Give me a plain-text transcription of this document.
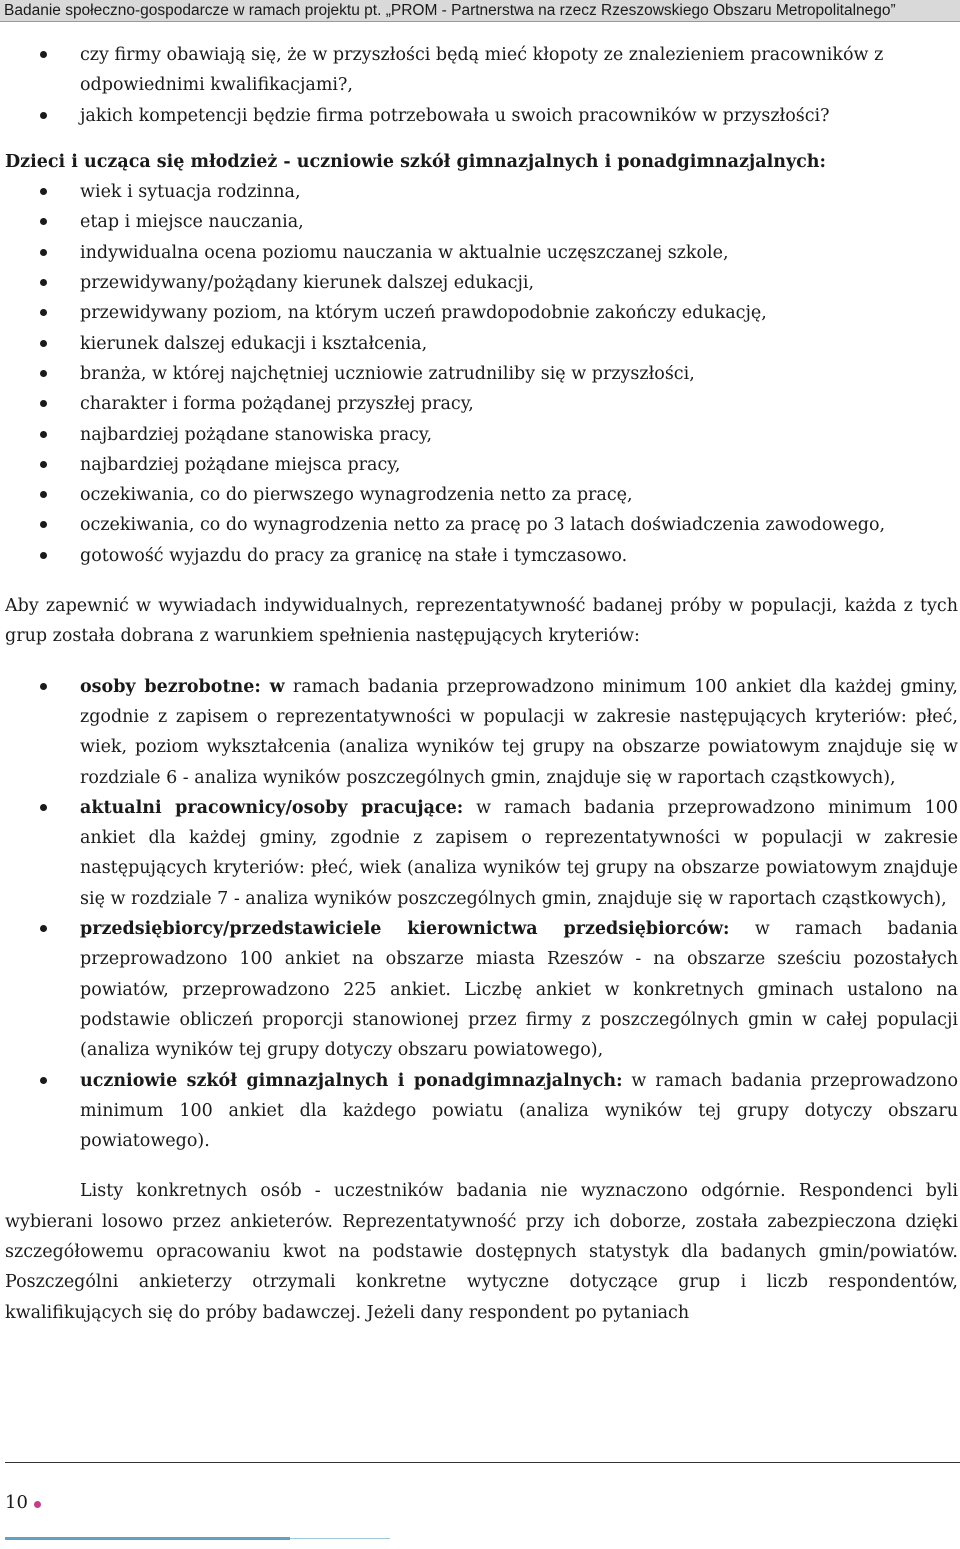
Badanie społeczno-gospodarcze w ramach projektu pt. „PROM - Partnerstwa na rzecz Rzeszowskiego Obszaru Metropolitalnego”
czy firmy obawiają się, że w przyszłości będą mieć kłopoty ze znalezieniem pracowników z odpowiednimi kwalifikacjami?,
jakich kompetencji będzie firma potrzebowała u swoich pracowników w przyszłości?

Dzieci i ucząca się młodzież - uczniowie szkół gimnazjalnych i ponadgimnazjalnych:

wiek i sytuacja rodzinna,
etap i miejsce nauczania,
indywidualna ocena poziomu nauczania w aktualnie uczęszczanej szkole,
przewidywany/pożądany kierunek dalszej edukacji,
przewidywany poziom, na którym uczeń prawdopodobnie zakończy edukację,
kierunek dalszej edukacji i kształcenia,
branża, w której najchętniej uczniowie zatrudniliby się w przyszłości,
charakter i forma pożądanej przyszłej pracy,
najbardziej pożądane stanowiska pracy,
najbardziej pożądane miejsca pracy,
oczekiwania, co do pierwszego wynagrodzenia netto za pracę,
oczekiwania, co do wynagrodzenia netto za pracę po 3 latach doświadczenia zawodowego,
gotowość wyjazdu do pracy za granicę na stałe i tymczasowo.

Aby zapewnić w wywiadach indywidualnych, reprezentatywność badanej próby w populacji, każda z tych grup została dobrana z warunkiem spełnienia następujących kryteriów:

osoby bezrobotne: w ramach badania przeprowadzono minimum 100 ankiet dla każdej gminy, zgodnie z zapisem o reprezentatywności w populacji w zakresie następujących kryteriów: płeć, wiek, poziom wykształcenia (analiza wyników tej grupy na obszarze powiatowym znajduje się w rozdziale 6 - analiza wyników poszczególnych gmin, znajduje się w raportach cząstkowych),
aktualni pracownicy/osoby pracujące: w ramach badania przeprowadzono minimum 100 ankiet dla każdej gminy, zgodnie z zapisem o reprezentatywności w populacji w zakresie następujących kryteriów: płeć, wiek (analiza wyników tej grupy na obszarze powiatowym znajduje się w rozdziale 7 - analiza wyników poszczególnych gmin, znajduje się w raportach cząstkowych),
przedsiębiorcy/przedstawiciele kierownictwa przedsiębiorców: w ramach badania przeprowadzono 100 ankiet na obszarze miasta Rzeszów - na obszarze sześciu pozostałych powiatów, przeprowadzono 225 ankiet. Liczbę ankiet w konkretnych gminach ustalono na podstawie obliczeń proporcji stanowionej przez firmy z poszczególnych gmin w całej populacji (analiza wyników tej grupy dotyczy obszaru powiatowego),
uczniowie szkół gimnazjalnych i ponadgimnazjalnych: w ramach badania przeprowadzono minimum 100 ankiet dla każdego powiatu (analiza wyników tej grupy dotyczy obszaru powiatowego).

Listy konkretnych osób - uczestników badania nie wyznaczono odgórnie. Respondenci byli wybierani losowo przez ankieterów. Reprezentatywność przy ich doborze, została zabezpieczona dzięki szczegółowemu opracowaniu kwot na podstawie dostępnych statystyk dla badanych gmin/powiatów. Poszczególni ankieterzy otrzymali konkretne wytyczne dotyczące grup i liczb respondentów, kwalifikujących się do próby badawczej. Jeżeli dany respondent po pytaniach

10
